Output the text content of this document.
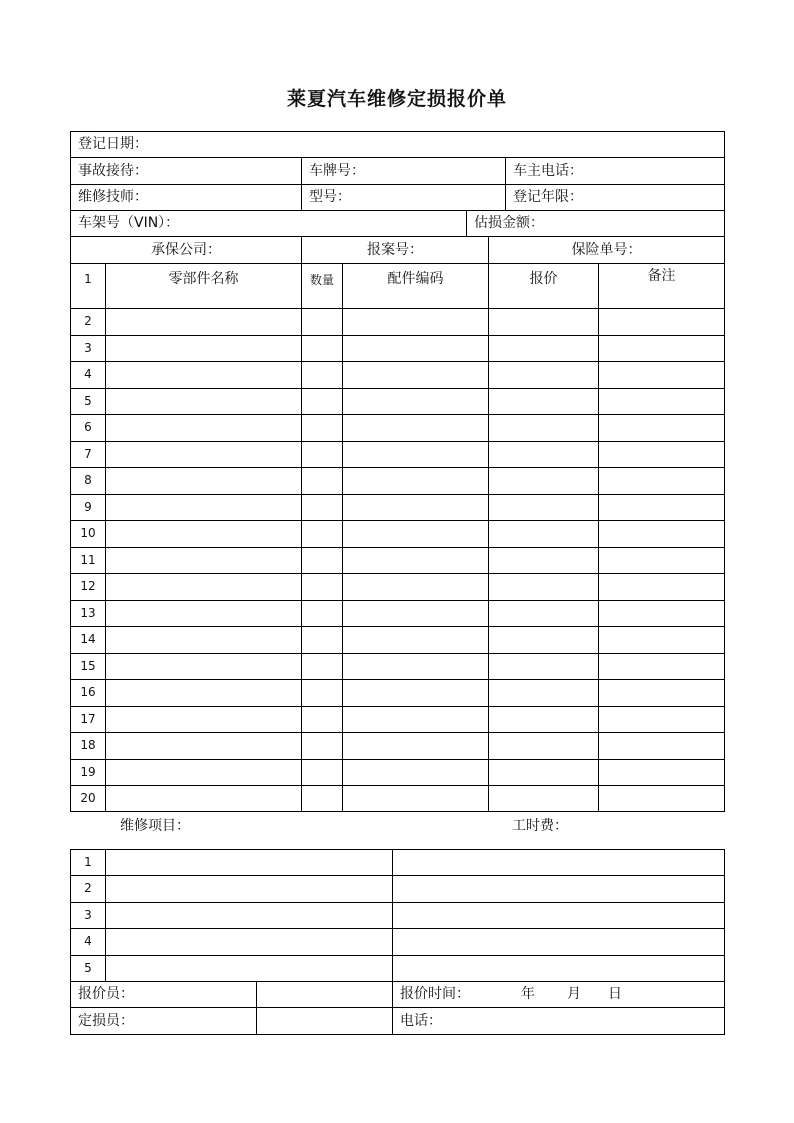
莱夏汽车维修定损报价单
登记日期：
事故接待：	车牌号：	车主电话：
维修技师：	型号：	登记年限：
车架号（VIN）：	估损金额：
承保公司：	报案号：	保险单号：
1	零部件名称	数量	配件编码	报价	备注
2
3
4
5
6
7
8
9
10
11
12
13
14
15
16
17
18
19
20
维修项目：	工时费：
1
2
3
4
5
报价员：	报价时间：	年	月	日
定损员：	电话：
